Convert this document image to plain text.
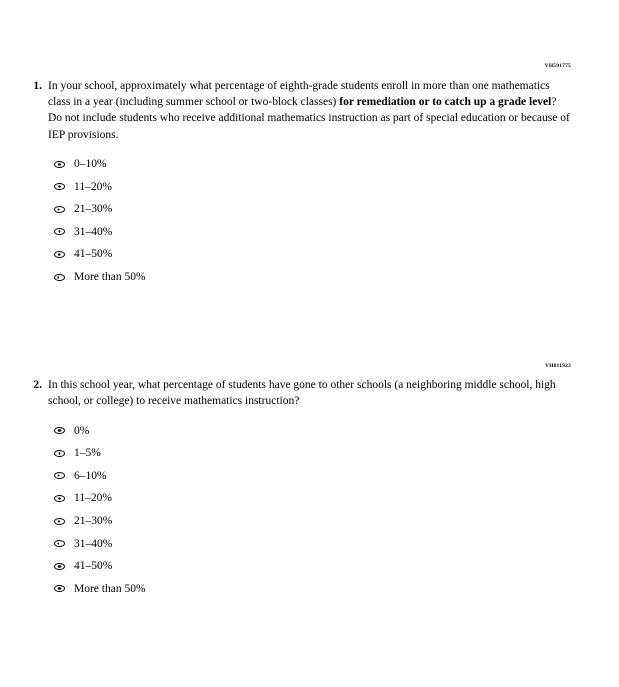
VH591775
1. In your school, approximately what percentage of eighth-grade students enroll in more than one mathematics class in a year (including summer school or two-block classes) for remediation or to catch up a grade level? Do not include students who receive additional mathematics instruction as part of special education or because of IEP provisions.
0–10%
11–20%
21–30%
31–40%
41–50%
More than 50%
VH811923
2. In this school year, what percentage of students have gone to other schools (a neighboring middle school, high school, or college) to receive mathematics instruction?
0%
1–5%
6–10%
11–20%
21–30%
31–40%
41–50%
More than 50%
